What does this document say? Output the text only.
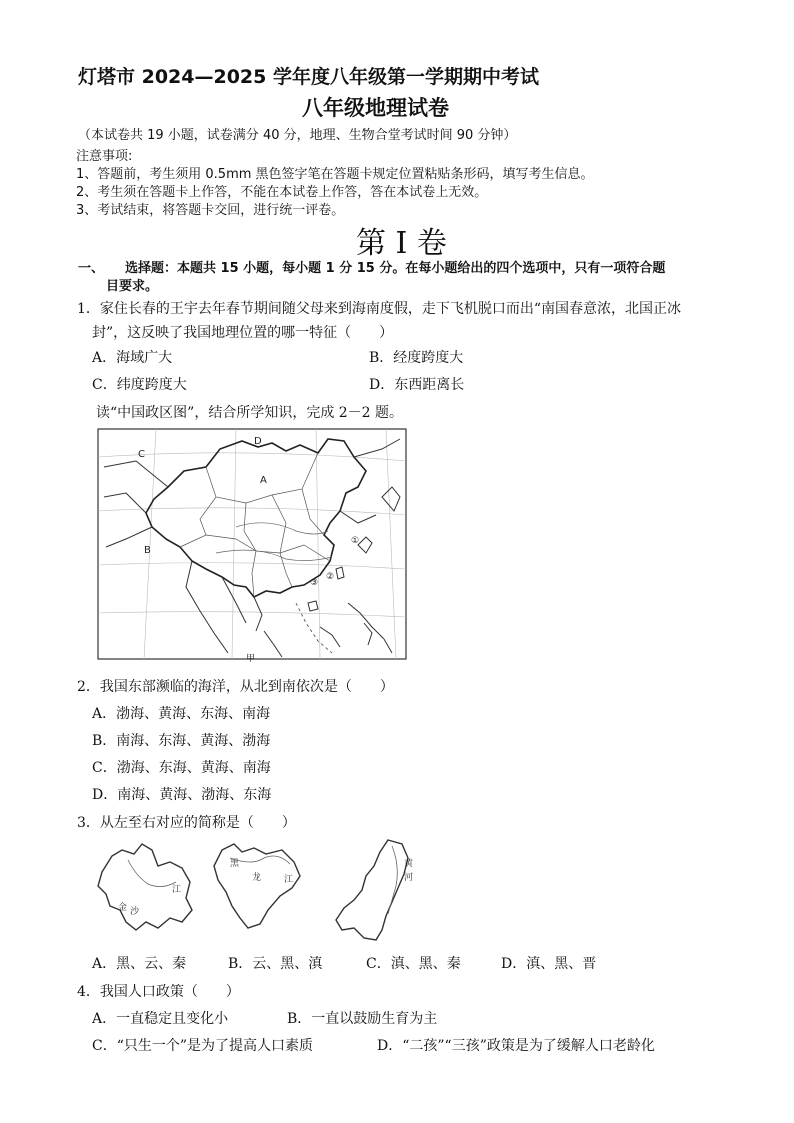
灯塔市 2024—2025 学年度八年级第一学期期中考试
八年级地理试卷
（本试卷共 19 小题，试卷满分 40 分，地理、生物合堂考试时间 90 分钟）
注意事项:
1、答题前，考生须用 0.5mm 黑色签字笔在答题卡规定位置粘贴条形码，填写考生信息。
2、考生须在答题卡上作答，不能在本试卷上作答，答在本试卷上无效。
3、考试结束，将答题卡交回，进行统一评卷。
第 I 卷
一、 选择题：本题共 15 小题，每小题 1 分 15 分。在每小题给出的四个选项中，只有一项符合题
目要求。
1．家住长春的王宇去年春节期间随父母来到海南度假，走下飞机脱口而出“南国春意浓，北国正冰
封”，这反映了我国地理位置的哪一特征（　　）
A．海域广大	B．经度跨度大
C．纬度跨度大	D．东西距离长
读“中国政区图”，结合所学知识，完成 2－2 题。
A
B
C
D
甲
①
②
③
2．我国东部濒临的海洋，从北到南依次是（　　）
A．渤海、黄海、东海、南海
B．南海、东海、黄海、渤海
C．渤海、东海、黄海、南海
D．南海、黄海、渤海、东海
3．从左至右对应的简称是（　　）
金 沙
江
黑
龙	江
黄
河
A．黑、云、秦	B．云、黑、滇	C．滇、黑、秦	D．滇、黑、晋
4．我国人口政策（　　）
A．一直稳定且变化小	B．一直以鼓励生育为主
C．“只生一个”是为了提高人口素质	D．“二孩”“三孩”政策是为了缓解人口老龄化
